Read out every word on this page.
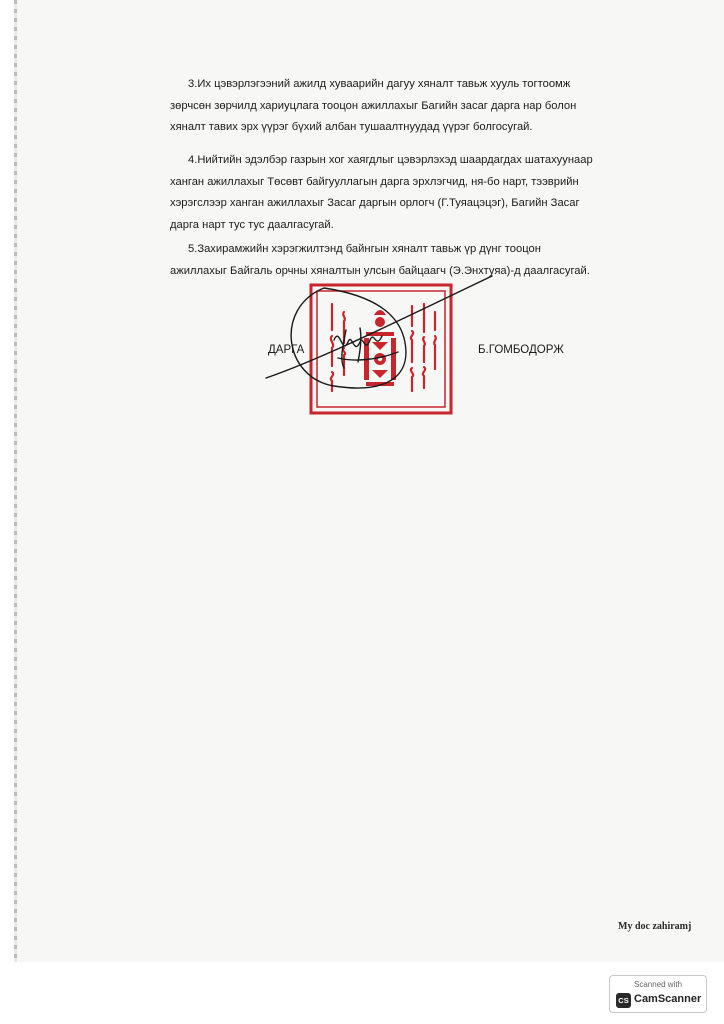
3.Их цэвэрлэгээний ажилд хуваарийн дагуу хяналт тавьж хууль тогтоомж
зөрчсөн зөрчилд хариуцлага тооцон ажиллахыг Багийн засаг дарга нар болон
хяналт тавих эрх үүрэг бүхий албан тушаалтнуудад үүрэг болгосугай.

4.Нийтийн эдэлбэр газрын хог хаягдлыг цэвэрлэхэд шаардагдах шатахуунаар
ханган ажиллахыг Төсөвт байгууллагын дарга эрхлэгчид, ня-бо нарт, тээврийн
хэрэгслээр ханган ажиллахыг Засаг даргын орлогч (Г.Туяацэцэг), Багийн Засаг
дарга нарт тус тус даалгасугай.

5.Захирамжийн хэрэгжилтэнд байнгын хяналт тавьж үр дүнг тооцон
ажиллахыг Байгаль орчны хяналтын улсын байцаагч (Э.Энхтуяа)-д даалгасугай.

ДАРГА	Б.ГОМБОДОРЖ
My doc zahiramj
Scanned with
CS CamScanner
